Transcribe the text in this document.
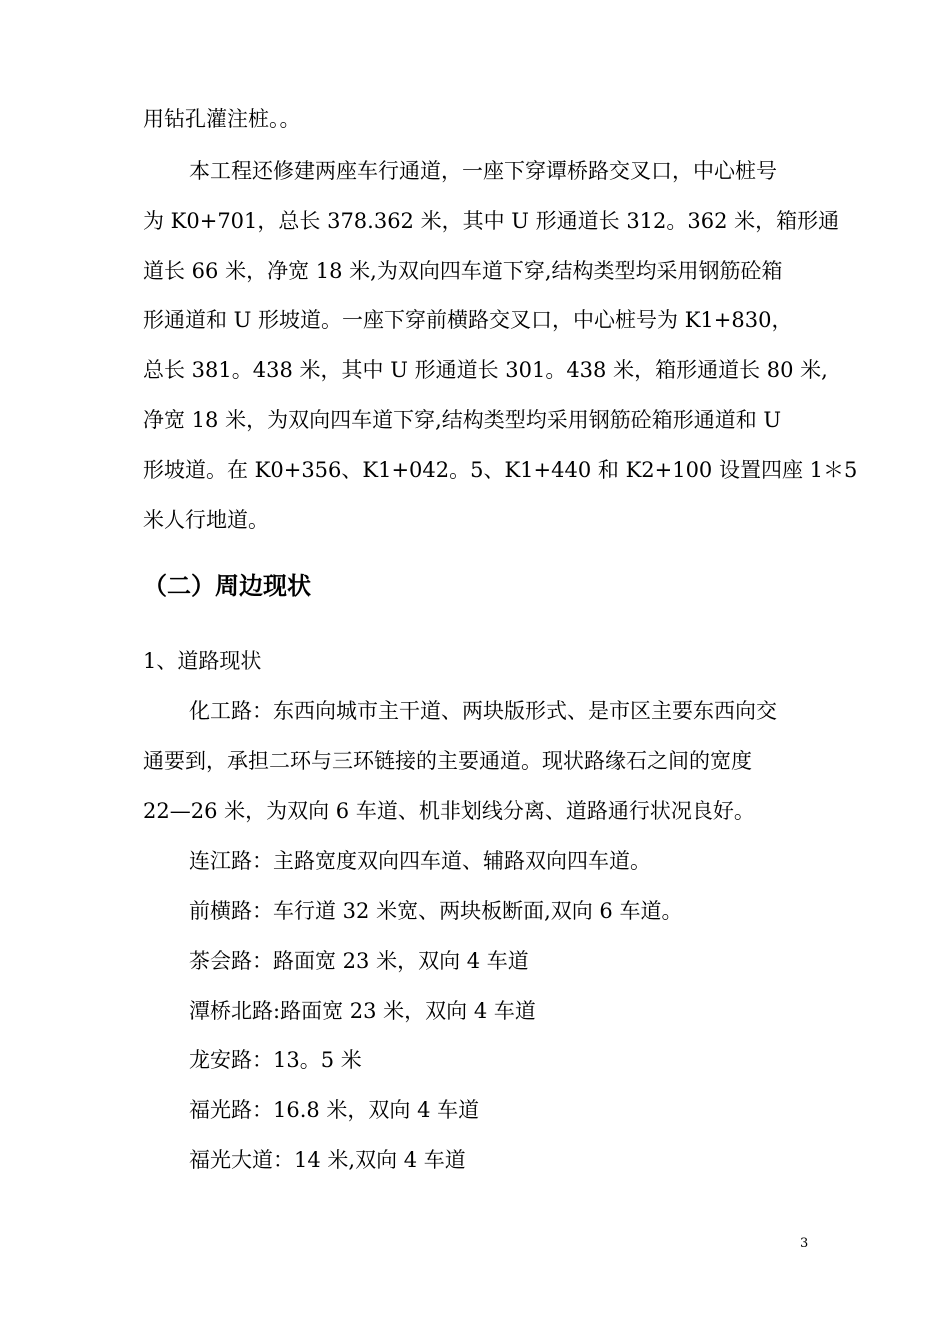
用钻孔灌注桩。。
本工程还修建两座车行通道，一座下穿谭桥路交叉口，中心桩号
为 K0+701，总长 378.362 米，其中 U 形通道长 312。362 米，箱形通
道长 66 米，净宽 18 米,为双向四车道下穿,结构类型均采用钢筋砼箱
形通道和 U 形坡道。一座下穿前横路交叉口，中心桩号为 K1+830，
总长 381。438 米，其中 U 形通道长 301。438 米，箱形通道长 80 米,
净宽 18 米，为双向四车道下穿,结构类型均采用钢筋砼箱形通道和 U
形坡道。在 K0+356、K1+042。5、K1+440 和 K2+100 设置四座 1＊5
米人行地道。
（二）周边现状
1、道路现状
化工路：东西向城市主干道、两块版形式、是市区主要东西向交
通要到，承担二环与三环链接的主要通道。现状路缘石之间的宽度
22—26 米，为双向 6 车道、机非划线分离、道路通行状况良好。
连江路：主路宽度双向四车道、辅路双向四车道。
前横路：车行道 32 米宽、两块板断面,双向 6 车道。
茶会路：路面宽 23 米，双向 4 车道
潭桥北路:路面宽 23 米，双向 4 车道
龙安路：13。5 米
福光路：16.8 米，双向 4 车道
福光大道：14 米,双向 4 车道
3
